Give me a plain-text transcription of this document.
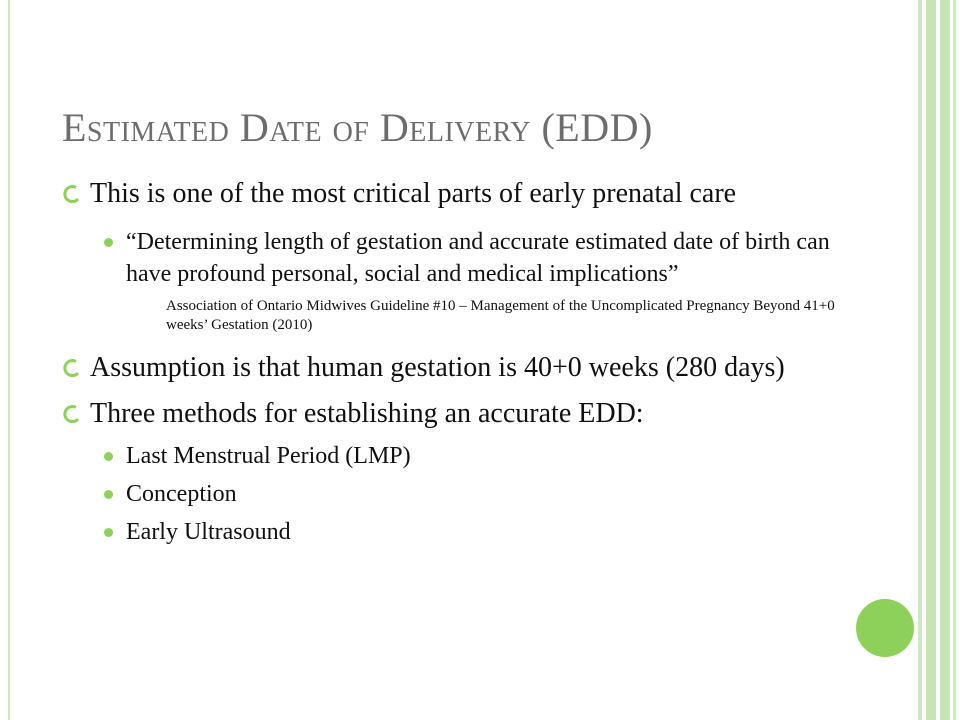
Estimated Date of Delivery (EDD)
This is one of the most critical parts of early prenatal care
“Determining length of gestation and accurate estimated date of birth can have profound personal, social and medical implications”
Association of Ontario Midwives Guideline #10 – Management of the Uncomplicated Pregnancy Beyond 41+0 weeks’ Gestation (2010)
Assumption is that human gestation is 40+0 weeks (280 days)
Three methods for establishing an accurate EDD:
Last Menstrual Period (LMP)
Conception
Early Ultrasound
